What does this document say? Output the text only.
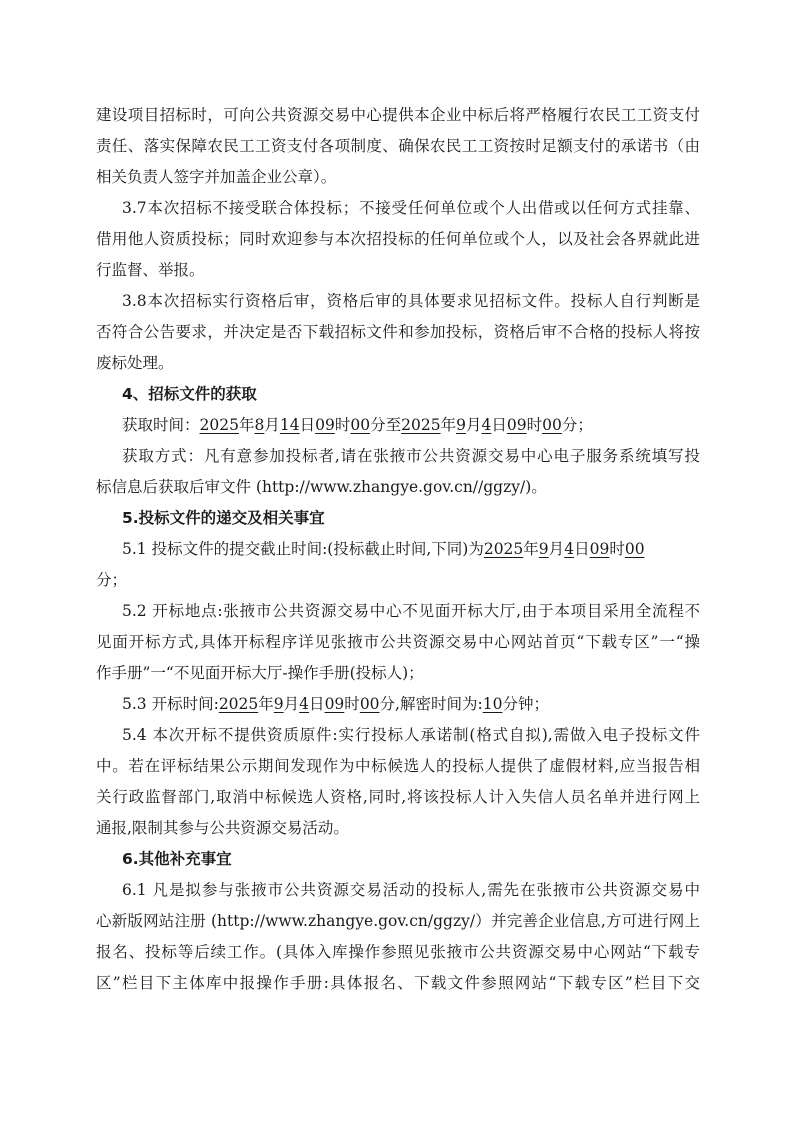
建设项目招标时，可向公共资源交易中心提供本企业中标后将严格履行农民工工资支付
责任、落实保障农民工工资支付各项制度、确保农民工工资按时足额支付的承诺书（由
相关负责人签字并加盖企业公章）。
3.7本次招标不接受联合体投标；不接受任何单位或个人出借或以任何方式挂靠、
借用他人资质投标；同时欢迎参与本次招投标的任何单位或个人，以及社会各界就此进
行监督、举报。
3.8本次招标实行资格后审，资格后审的具体要求见招标文件。投标人自行判断是
否符合公告要求，并决定是否下载招标文件和参加投标，资格后审不合格的投标人将按
废标处理。
4、招标文件的获取
获取时间：2025年8月14日09时00分至2025年9月4日09时00分；
获取方式：凡有意参加投标者,请在张掖市公共资源交易中心电子服务系统填写投
标信息后获取后审文件 (http://www.zhangye.gov.cn//ggzy/)。
5.投标文件的递交及相关事宜
5.1 投标文件的提交截止时间:(投标截止时间,下同)为2025年9月4日09时00
分；
5.2 开标地点:张掖市公共资源交易中心不见面开标大厅,由于本项目采用全流程不
见面开标方式,具体开标程序详见张掖市公共资源交易中心网站首页“下载专区”一“操
作手册”一“不见面开标大厅-操作手册(投标人)；
5.3 开标时间:2025年9月4日09时00分,解密时间为:10分钟；
5.4 本次开标不提供资质原件:实行投标人承诺制(格式自拟),需做入电子投标文件
中。若在评标结果公示期间发现作为中标候选人的投标人提供了虚假材料,应当报告相
关行政监督部门,取消中标候选人资格,同时,将该投标人计入失信人员名单并进行网上
通报,限制其参与公共资源交易活动。
6.其他补充事宜
6.1 凡是拟参与张掖市公共资源交易活动的投标人,需先在张掖市公共资源交易中
心新版网站注册 (http://www.zhangye.gov.cn/ggzy/）并完善企业信息,方可进行网上
报名、投标等后续工作。(具体入库操作参照见张掖市公共资源交易中心网站“下载专
区”栏目下主体库中报操作手册:具体报名、下载文件参照网站“下载专区”栏目下交
